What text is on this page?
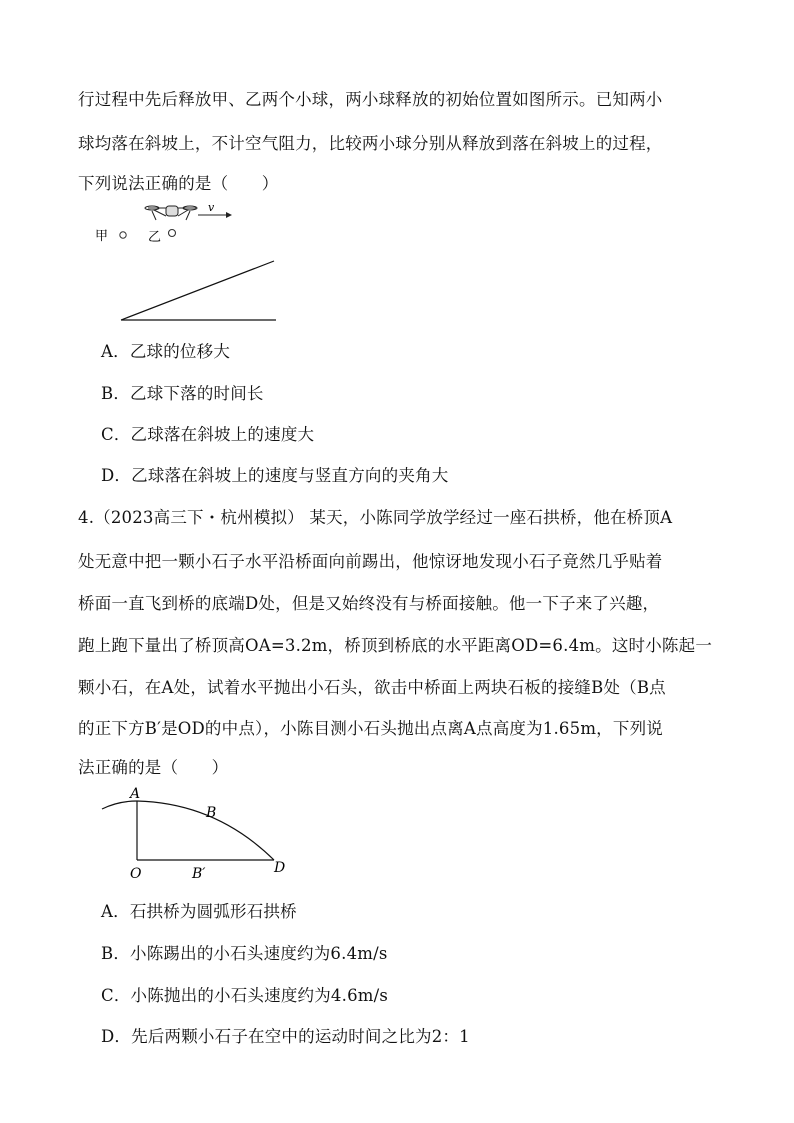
行过程中先后释放甲、乙两个小球，两小球释放的初始位置如图所示。已知两小
球均落在斜坡上，不计空气阻力，比较两小球分别从释放到落在斜坡上的过程，
下列说法正确的是（　　）
甲
v
乙
A．乙球的位移大
B．乙球下落的时间长
C．乙球落在斜坡上的速度大
D．乙球落在斜坡上的速度与竖直方向的夹角大
4.（2023高三下・杭州模拟） 某天，小陈同学放学经过一座石拱桥，他在桥顶A
处无意中把一颗小石子水平沿桥面向前踢出，他惊讶地发现小石子竟然几乎贴着
桥面一直飞到桥的底端D处，但是又始终没有与桥面接触。他一下子来了兴趣，
跑上跑下量出了桥顶高OA=3.2m，桥顶到桥底的水平距离OD=6.4m。这时小陈起一
颗小石，在A处，试着水平抛出小石头，欲击中桥面上两块石板的接缝B处（B点
的正下方B′是OD的中点），小陈目测小石头抛出点离A点高度为1.65m，下列说
法正确的是（　　）
A
B
O	B′	D
A．石拱桥为圆弧形石拱桥
B．小陈踢出的小石头速度约为6.4m/s
C．小陈抛出的小石头速度约为4.6m/s
D．先后两颗小石子在空中的运动时间之比为2：1
